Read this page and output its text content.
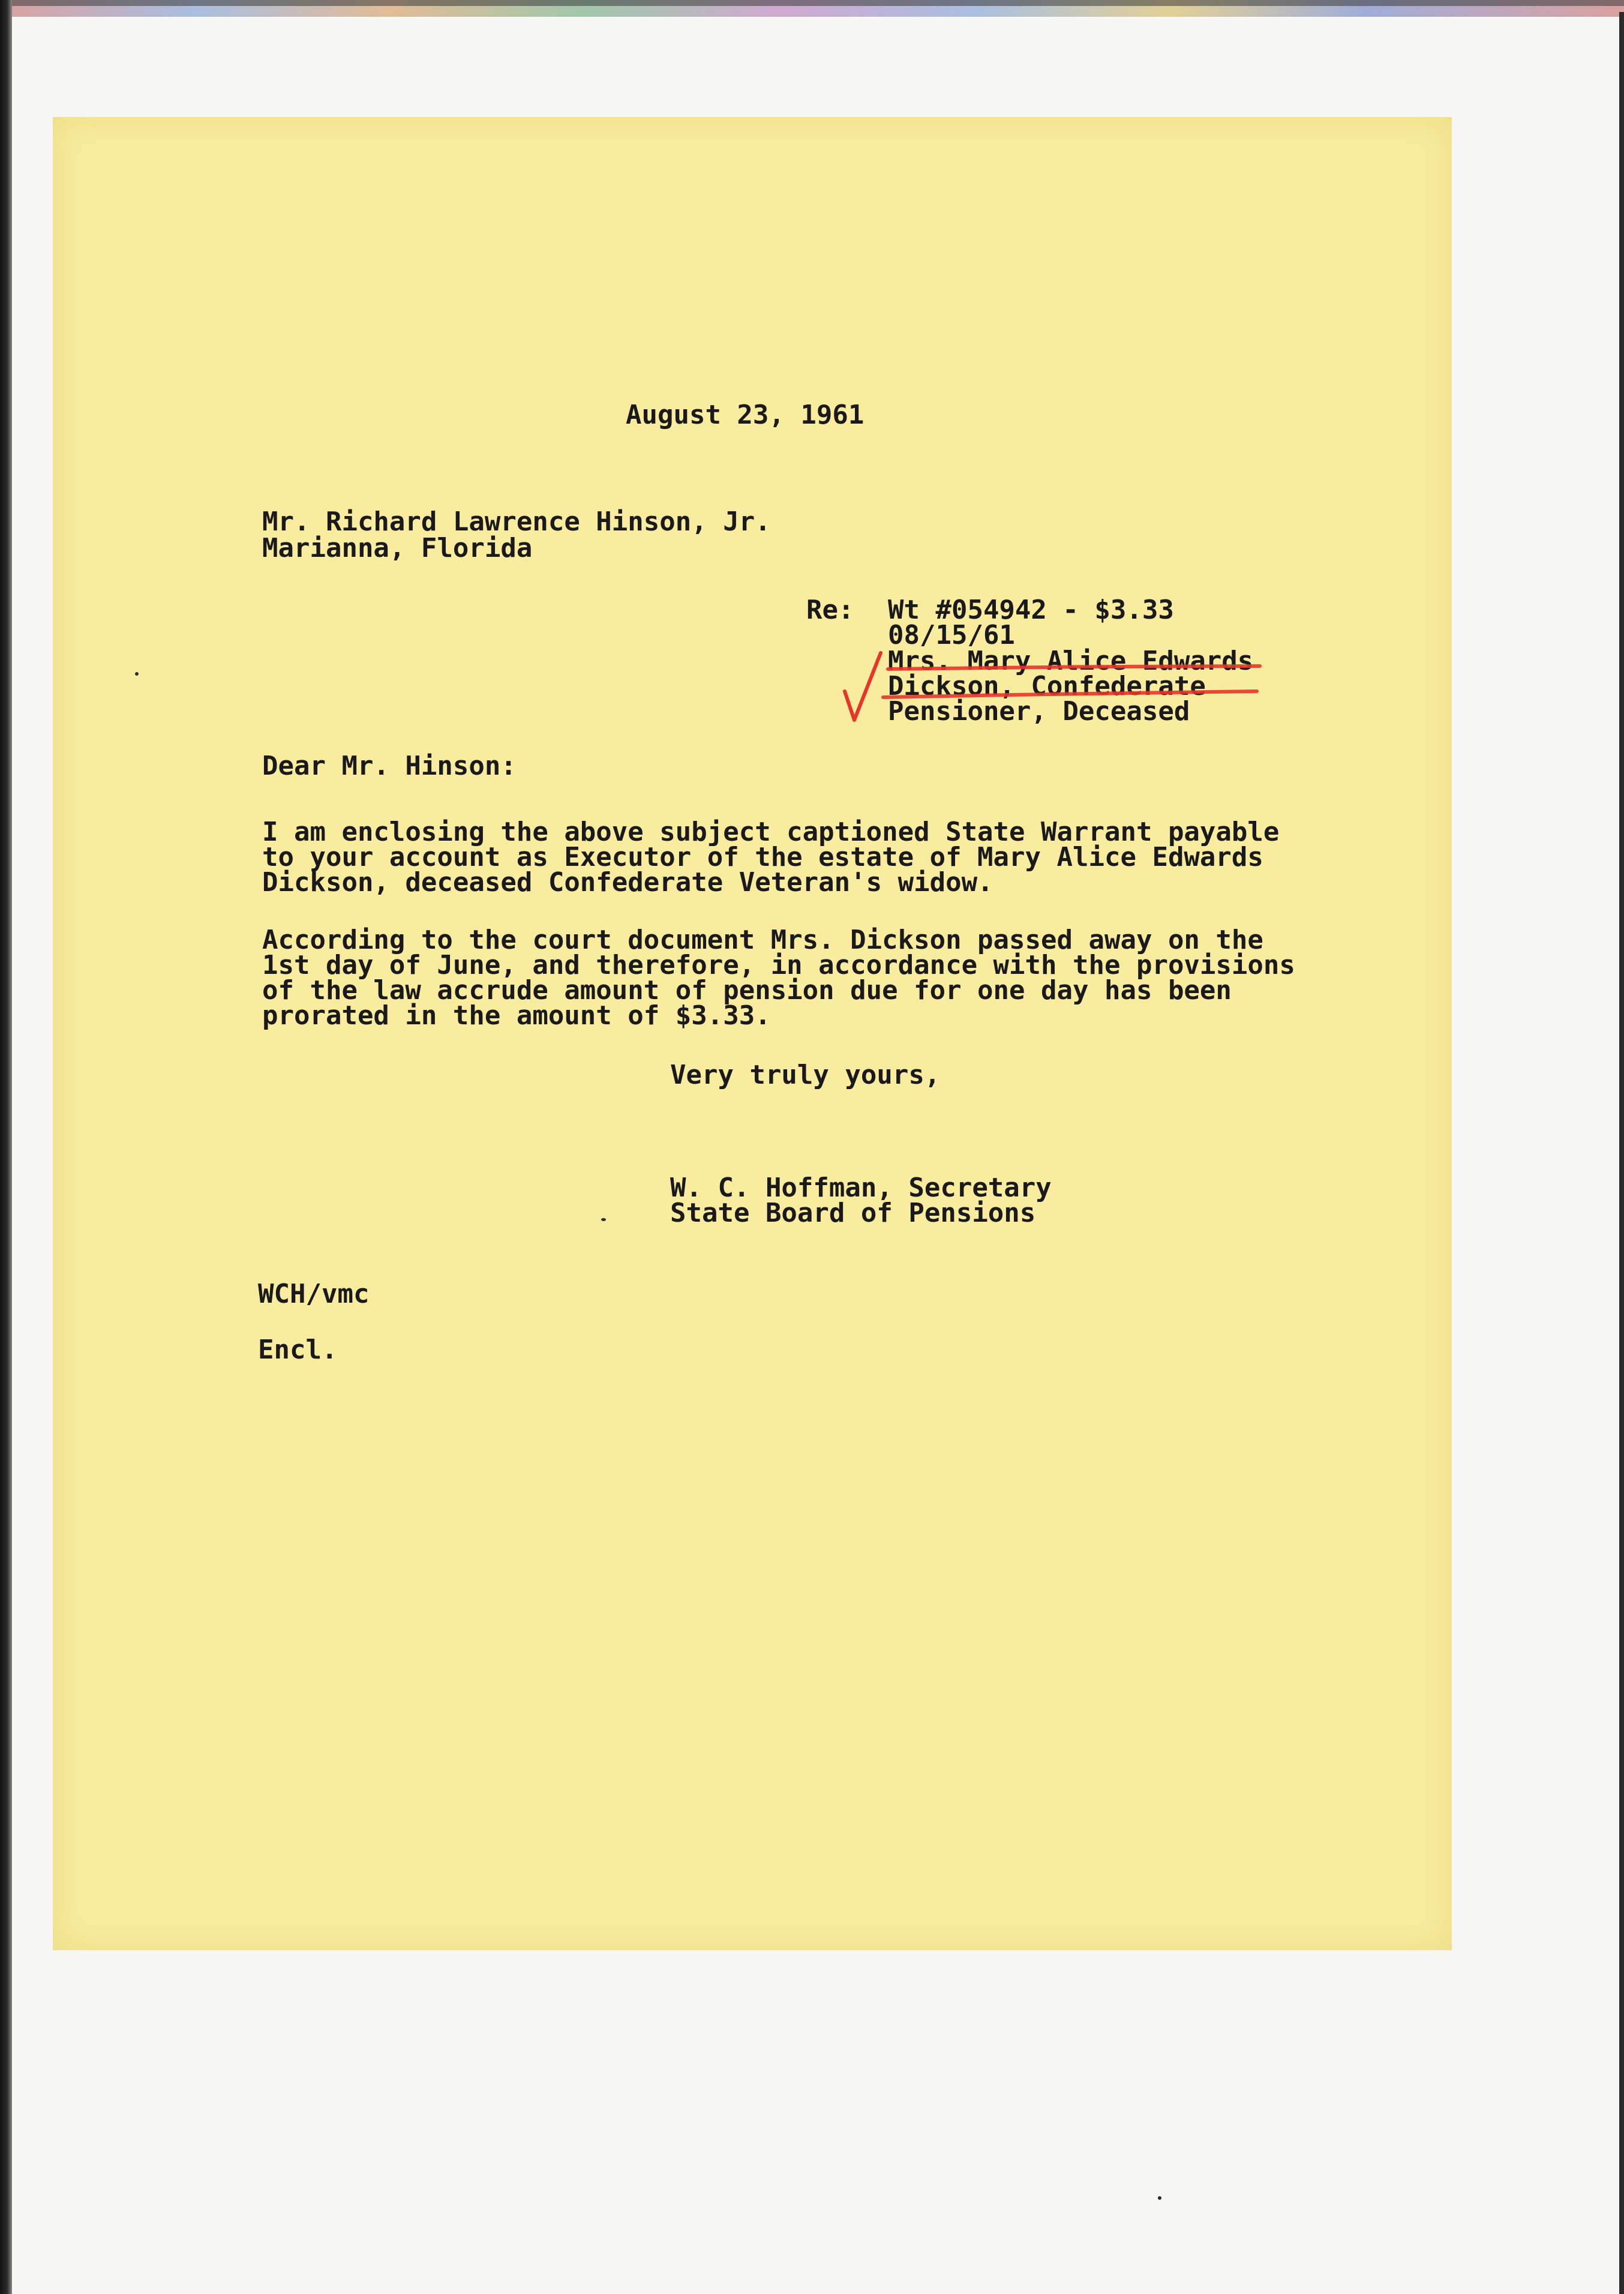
August 23, 1961

Mr. Richard Lawrence Hinson, Jr.

Marianna, Florida

Re: Wt #054942 - $3.33

08/15/61

Mrs. Mary Alice Edwards

Dickson, Confederate

Pensioner, Deceased

Dear Mr. Hinson:

I am enclosing the above subject captioned State Warrant payable

to your account as Executor of the estate of Mary Alice Edwards

Dickson, deceased Confederate Veteran's widow.

According to the court document Mrs. Dickson passed away on the

1st day of June, and therefore, in accordance with the provisions

of the law accrude amount of pension due for one day has been

prorated in the amount of $3.33.

Very truly yours,

W. C. Hoffman, Secretary

State Board of Pensions

WCH/vmc

Encl.
